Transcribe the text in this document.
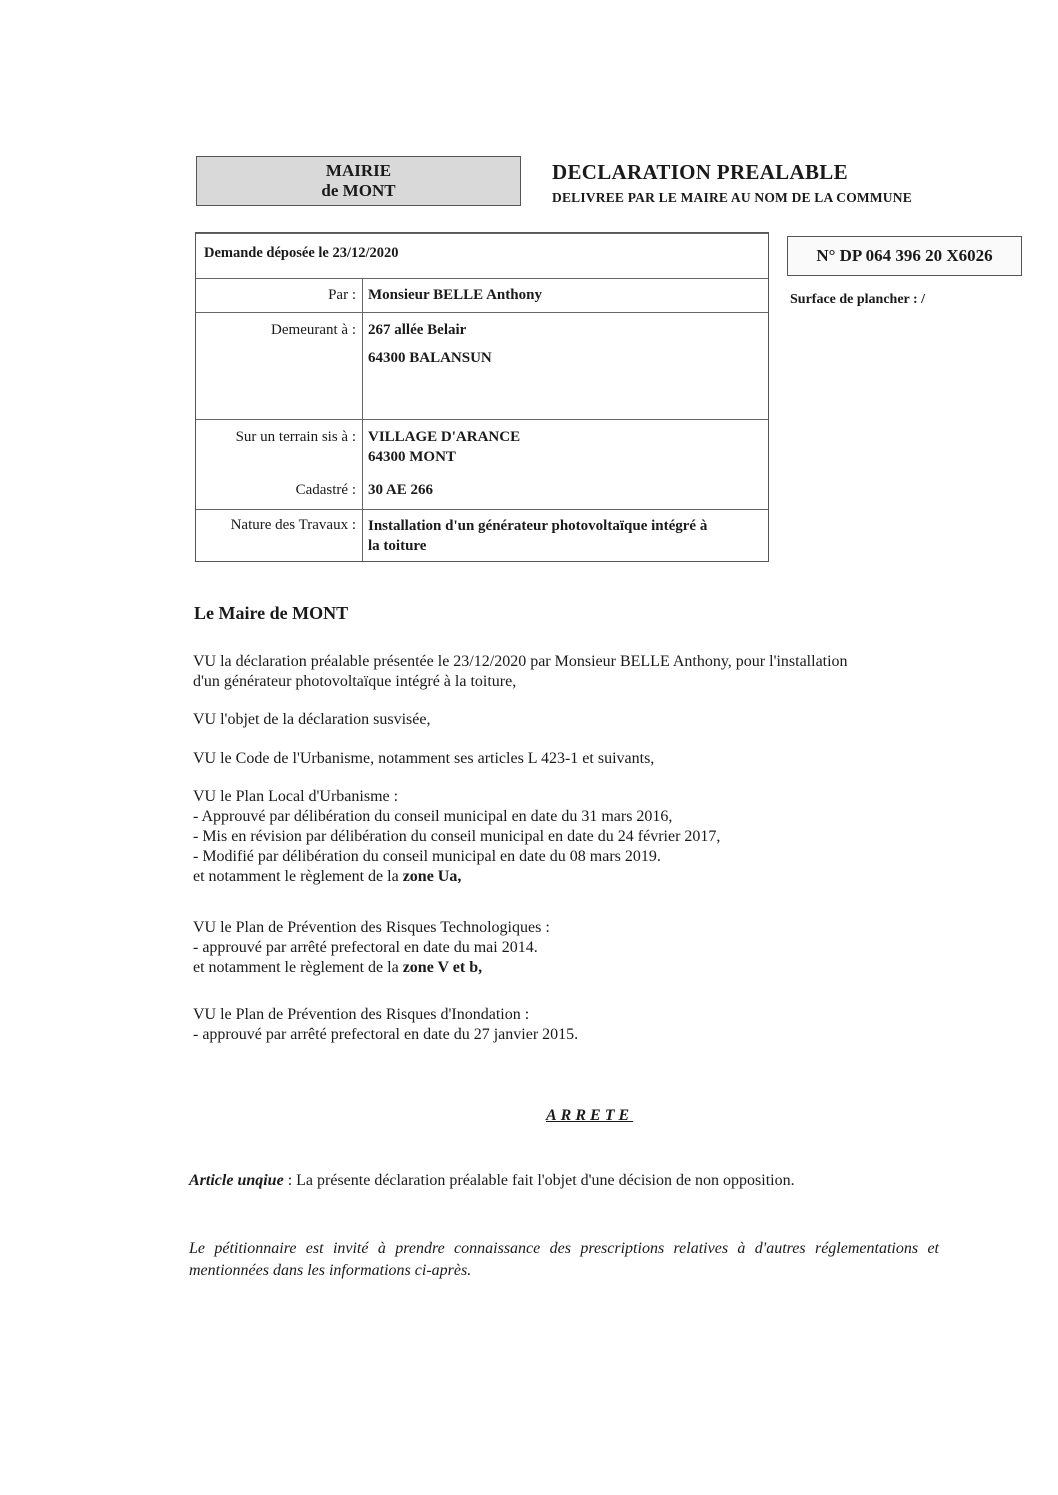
MAIRIE
de MONT
DECLARATION PREALABLE
DELIVREE PAR LE MAIRE AU NOM DE LA COMMUNE
Demande déposée le 23/12/2020
Par : Monsieur BELLE Anthony
Demeurant à : 267 allée Belair
64300 BALANSUN
Sur un terrain sis à : VILLAGE D'ARANCE
64300 MONT
Cadastré : 30 AE 266
Nature des Travaux : Installation d'un générateur photovoltaïque intégré à
la toiture
N° DP 064 396 20 X6026
Surface de plancher : /
Le Maire de MONT

VU la déclaration préalable présentée le 23/12/2020 par Monsieur BELLE Anthony, pour l'installation

d'un générateur photovoltaïque intégré à la toiture,

VU l'objet de la déclaration susvisée,
VU le Code de l'Urbanisme, notamment ses articles L 423-1 et suivants,

VU le Plan Local d'Urbanisme :

- Approuvé par délibération du conseil municipal en date du 31 mars 2016,

- Mis en révision par délibération du conseil municipal en date du 24 février 2017,

- Modifié par délibération du conseil municipal en date du 08 mars 2019.

et notamment le règlement de la zone Ua,

VU le Plan de Prévention des Risques Technologiques :

- approuvé par arrêté prefectoral en date du mai 2014.

et notamment le règlement de la zone V et b,

VU le Plan de Prévention des Risques d'Inondation :

- approuvé par arrêté prefectoral en date du 27 janvier 2015.

ARRETE
Article unqiue : La présente déclaration préalable fait l'objet d'une décision de non opposition.
Le pétitionnaire est invité à prendre connaissance des prescriptions relatives à d'autres réglementations et mentionnées dans les informations ci-après.
